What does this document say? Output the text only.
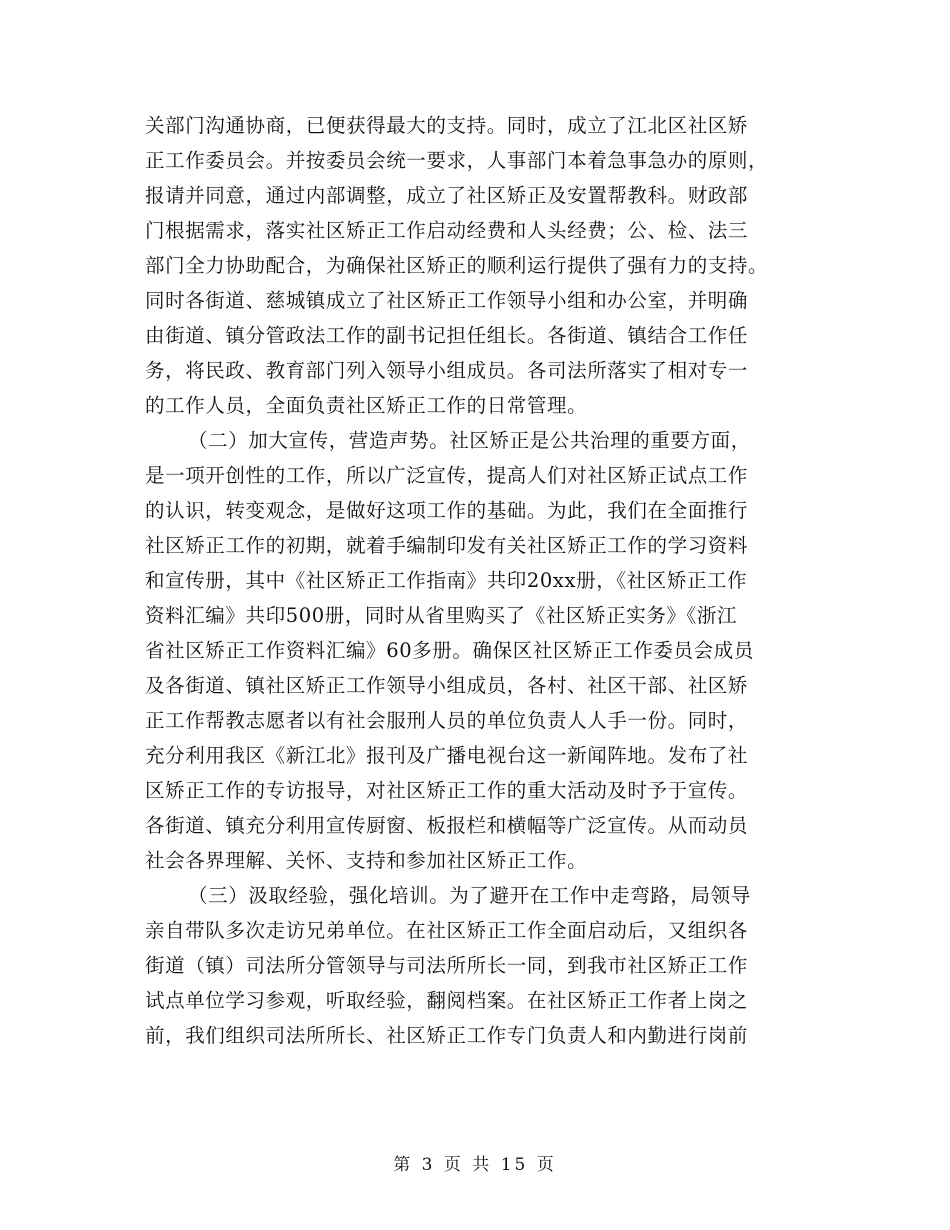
关部门沟通协商，已便获得最大的支持。同时，成立了江北区社区矫
正工作委员会。并按委员会统一要求，人事部门本着急事急办的原则，
报请并同意，通过内部调整，成立了社区矫正及安置帮教科。财政部
门根据需求，落实社区矫正工作启动经费和人头经费；公、检、法三
部门全力协助配合，为确保社区矫正的顺利运行提供了强有力的支持。
同时各街道、慈城镇成立了社区矫正工作领导小组和办公室，并明确
由街道、镇分管政法工作的副书记担任组长。各街道、镇结合工作任
务，将民政、教育部门列入领导小组成员。各司法所落实了相对专一
的工作人员，全面负责社区矫正工作的日常管理。
（二）加大宣传，营造声势。社区矫正是公共治理的重要方面，
是一项开创性的工作，所以广泛宣传，提高人们对社区矫正试点工作
的认识，转变观念，是做好这项工作的基础。为此，我们在全面推行
社区矫正工作的初期，就着手编制印发有关社区矫正工作的学习资料
和宣传册，其中《社区矫正工作指南》共印20xx册，《社区矫正工作
资料汇编》共印500册，同时从省里购买了《社区矫正实务》《浙江
省社区矫正工作资料汇编》60多册。确保区社区矫正工作委员会成员
及各街道、镇社区矫正工作领导小组成员，各村、社区干部、社区矫
正工作帮教志愿者以有社会服刑人员的单位负责人人手一份。同时，
充分利用我区《新江北》报刊及广播电视台这一新闻阵地。发布了社
区矫正工作的专访报导，对社区矫正工作的重大活动及时予于宣传。
各街道、镇充分利用宣传厨窗、板报栏和横幅等广泛宣传。从而动员
社会各界理解、关怀、支持和参加社区矫正工作。
（三）汲取经验，强化培训。为了避开在工作中走弯路，局领导
亲自带队多次走访兄弟单位。在社区矫正工作全面启动后，又组织各
街道（镇）司法所分管领导与司法所所长一同，到我市社区矫正工作
试点单位学习参观，听取经验，翻阅档案。在社区矫正工作者上岗之
前，我们组织司法所所长、社区矫正工作专门负责人和内勤进行岗前
第 3 页 共 15 页
